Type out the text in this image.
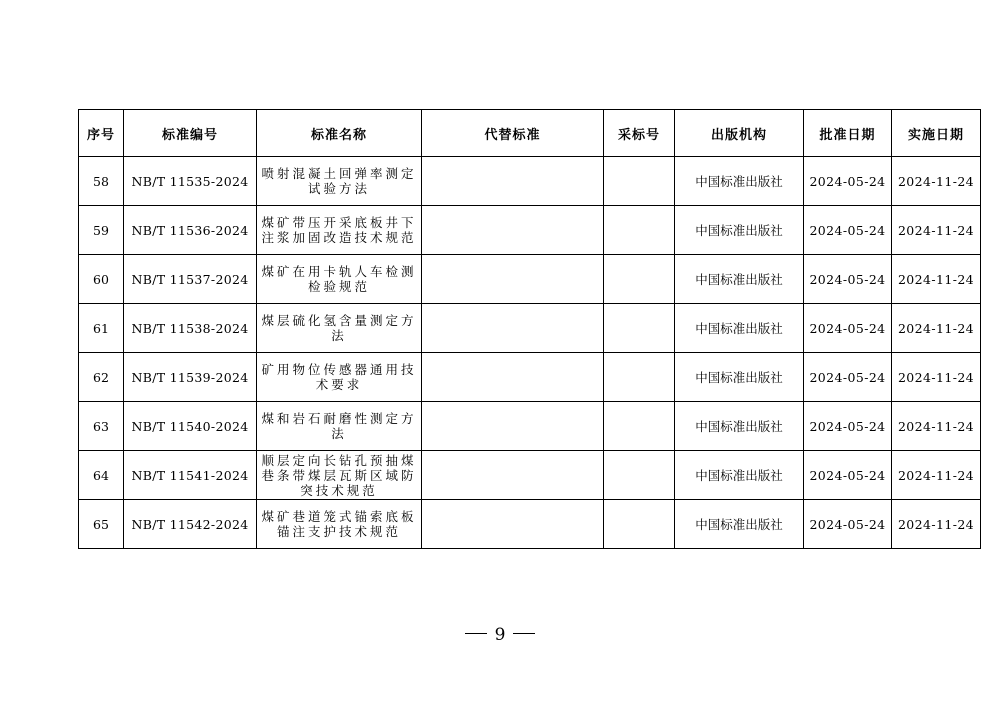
序号	标准编号	标准名称	代替标准	采标号	出版机构	批准日期	实施日期
58	NB/T 11535-2024	喷射混凝土回弹率测定试验方法			中国标准出版社	2024-05-24	2024-11-24
59	NB/T 11536-2024	煤矿带压开采底板井下注浆加固改造技术规范			中国标准出版社	2024-05-24	2024-11-24
60	NB/T 11537-2024	煤矿在用卡轨人车检测检验规范			中国标准出版社	2024-05-24	2024-11-24
61	NB/T 11538-2024	煤层硫化氢含量测定方法			中国标准出版社	2024-05-24	2024-11-24
62	NB/T 11539-2024	矿用物位传感器通用技术要求			中国标准出版社	2024-05-24	2024-11-24
63	NB/T 11540-2024	煤和岩石耐磨性测定方法			中国标准出版社	2024-05-24	2024-11-24
64	NB/T 11541-2024	顺层定向长钻孔预抽煤巷条带煤层瓦斯区域防突技术规范			中国标准出版社	2024-05-24	2024-11-24
65	NB/T 11542-2024	煤矿巷道笼式锚索底板锚注支护技术规范			中国标准出版社	2024-05-24	2024-11-24
9
